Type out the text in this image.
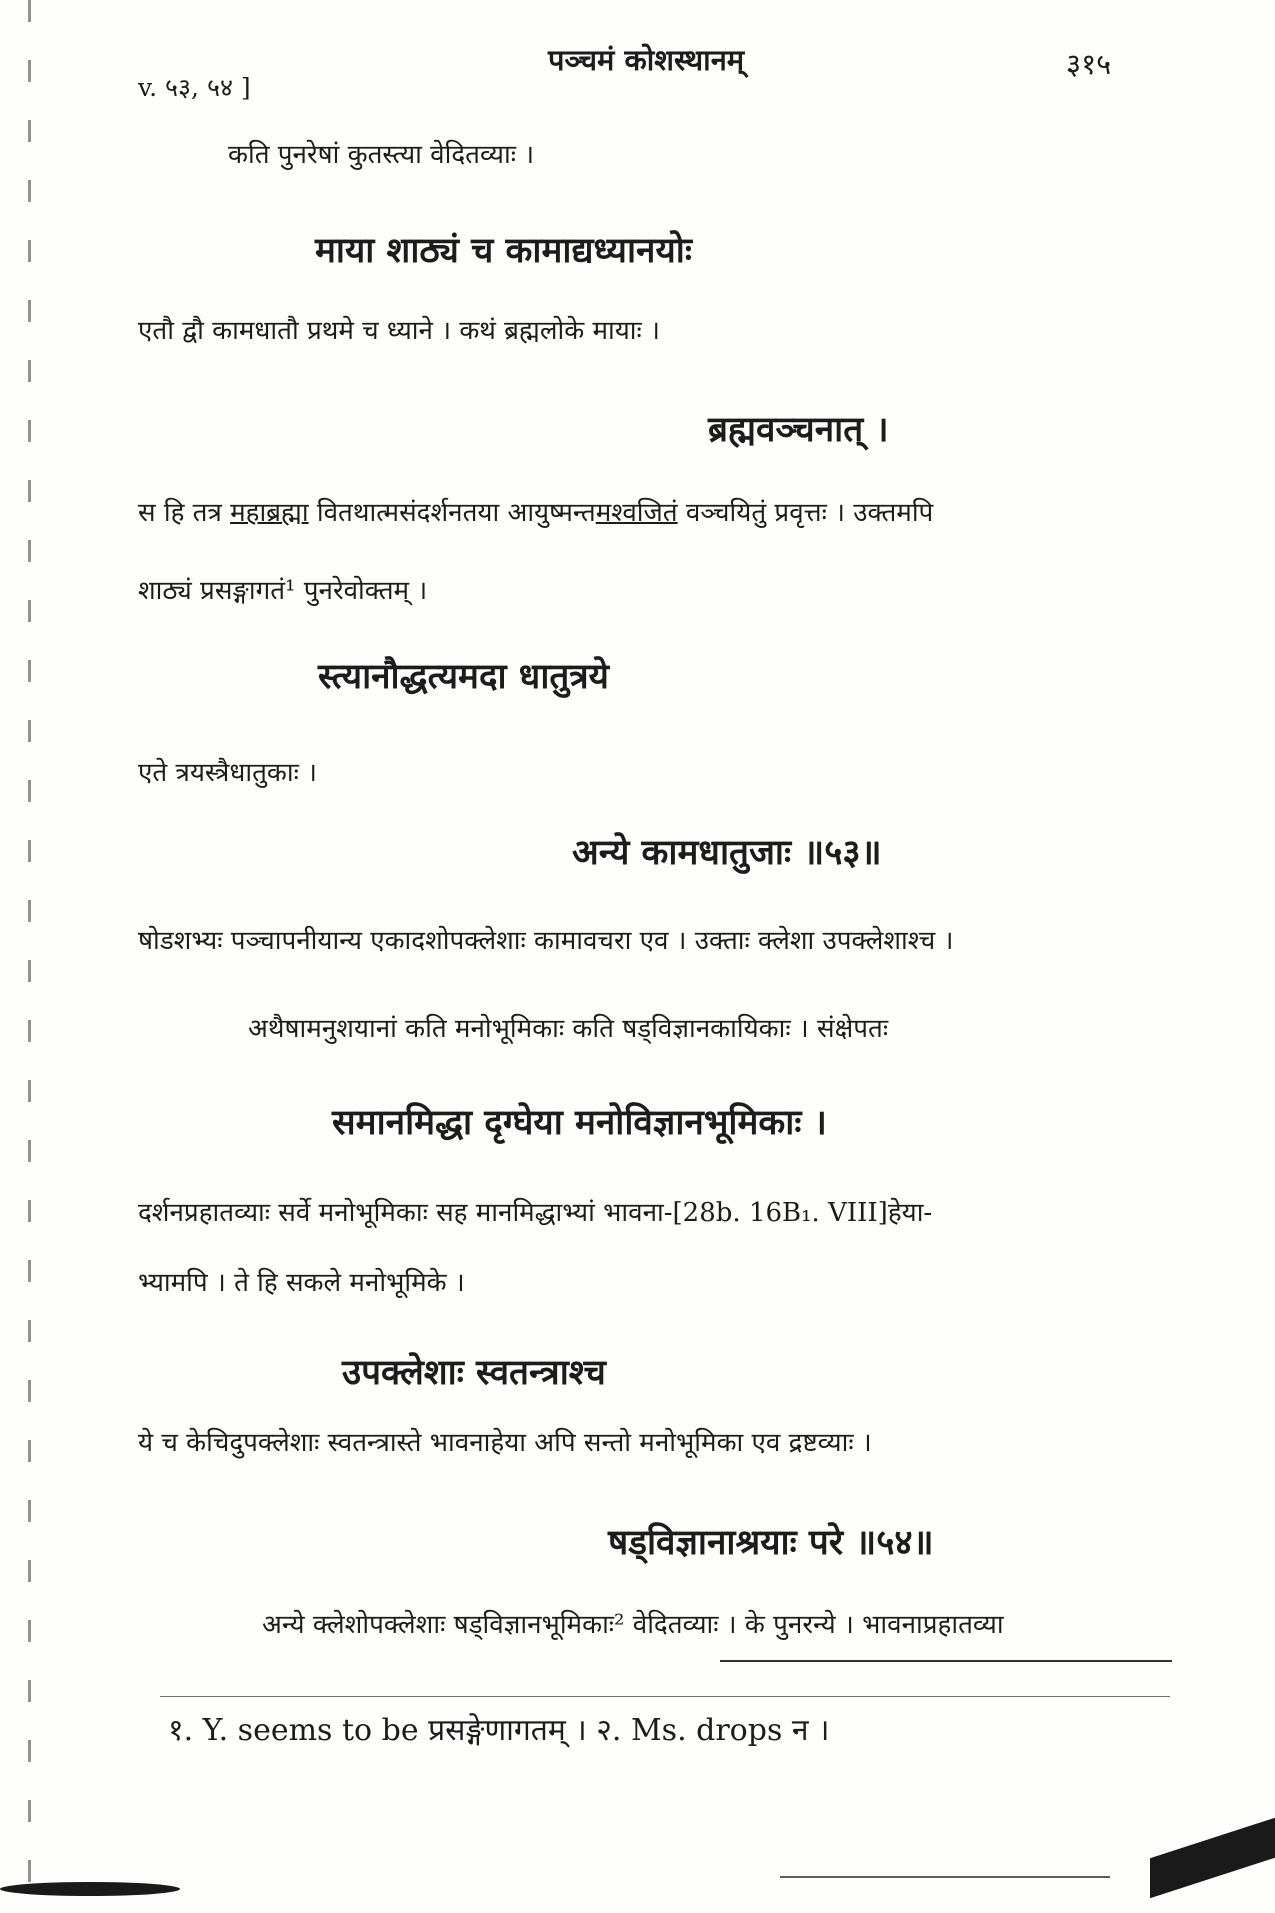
v. ५३, ५४ ]
पञ्चमं कोशस्थानम्	३१५
कति पुनरेषां कुतस्त्या वेदितव्याः ।
माया शाठ्यं च कामाद्यध्यानयोः
एतौ द्वौ कामधातौ प्रथमे च ध्याने । कथं ब्रह्मलोके मायाः ।
ब्रह्मवञ्चनात् ।
स हि तत्र महाब्रह्मा वितथात्मसंदर्शनतया आयुष्मन्तमश्वजितं वञ्चयितुं प्रवृत्तः । उक्तमपि
शाठ्यं प्रसङ्गागतं¹ पुनरेवोक्तम् ।
स्त्यानौद्धत्यमदा धातुत्रये
एते त्रयस्त्रैधातुकाः ।
अन्ये कामधातुजाः ॥५३॥
षोडशभ्यः पञ्चापनीयान्य एकादशोपक्लेशाः कामावचरा एव । उक्ताः क्लेशा उपक्लेशाश्च ।
अथैषामनुशयानां कति मनोभूमिकाः कति षड्विज्ञानकायिकाः । संक्षेपतः
समानमिद्धा दृग्घेया मनोविज्ञानभूमिकाः ।
दर्शनप्रहातव्याः सर्वे मनोभूमिकाः सह मानमिद्धाभ्यां भावना-[28b. 16B₁. VIII]हेया-
भ्यामपि । ते हि सकले मनोभूमिके ।
उपक्लेशाः स्वतन्त्राश्च
ये च केचिदुपक्लेशाः स्वतन्त्रास्ते भावनाहेया अपि सन्तो मनोभूमिका एव द्रष्टव्याः ।
षड्विज्ञानाश्रयाः परे ॥५४॥
अन्ये क्लेशोपक्लेशाः षड्विज्ञानभूमिकाः² वेदितव्याः । के पुनरन्ये । भावनाप्रहातव्या
१. Y. seems to be प्रसङ्गेणागतम् । २. Ms. drops न ।
